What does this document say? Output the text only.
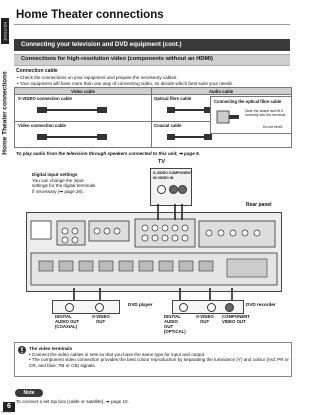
ENGLISH
Home Theater connections
Home Theater connections
Connecting your television and DVD equipment (cont.)
Connections for high-resolution video (components without an HDMI)
Connection cable
• Check the connections on your equipment and prepare the necessary cables.
• Your equipment will have more than one way of connecting video, so decide which best suits your needs.
Video cable	Audio cable
S-VIDEO connection cable	Optical fibre cable
Video connection cable	Coaxial cable
Connecting the optical fibre cable
Note the shape and fit it
correctly into the terminal.
Do not bend!
To play audio from the television through speakers connected to this unit, ➡ page 9.
TV
S-VIDEO COMPONENT
IN VIDEO IN
Digital input settings
You can change the input
settings for the digital terminals
if necessary (➡ page 26).
Rear panel
DVD player
DIGITAL
AUDIO OUT
(COAXIAL)
S-VIDEO
OUT
DVD recorder
DIGITAL
AUDIO
OUT
(OPTICAL)
S-VIDEO
OUT
COMPONENT
VIDEO OUT
The video terminals
• Connect the video cables in sets so that you have the same type for input and output.
• The component video connection provides the best colour reproduction by separating the luminance (Y) and colour (red: PR or
CR, and blue: PB or CB) signals.
Note
To connect a set top box (cable or satellite), ➡ page 10.
6
RQT7993
